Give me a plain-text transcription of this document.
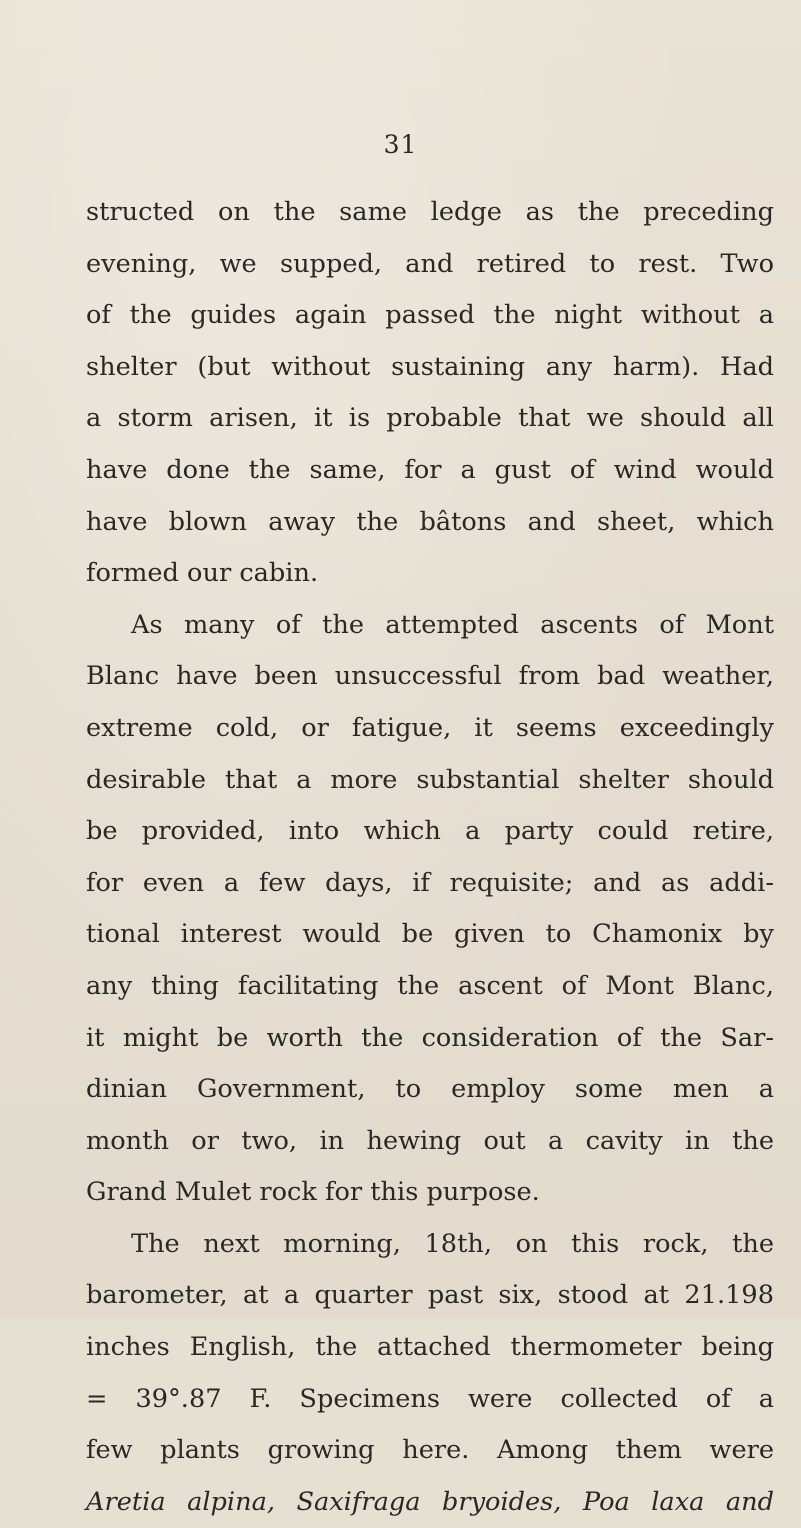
31
structed on the same ledge as the preceding
evening, we supped, and retired to rest. Two
of the guides again passed the night without a
shelter (but without sustaining any harm). Had
a storm arisen, it is probable that we should all
have done the same, for a gust of wind would
have blown away the bâtons and sheet, which
formed our cabin.
As many of the attempted ascents of Mont
Blanc have been unsuccessful from bad weather,
extreme cold, or fatigue, it seems exceedingly
desirable that a more substantial shelter should
be provided, into which a party could retire,
for even a few days, if requisite; and as addi-
tional interest would be given to Chamonix by
any thing facilitating the ascent of Mont Blanc,
it might be worth the consideration of the Sar-
dinian Government, to employ some men a
month or two, in hewing out a cavity in the
Grand Mulet rock for this purpose.
The next morning, 18th, on this rock, the
barometer, at a quarter past six, stood at 21.198
inches English, the attached thermometer being
= 39°.87 F. Specimens were collected of a
few plants growing here. Among them were
Aretia alpina, Saxifraga bryoides, Poa laxa and
